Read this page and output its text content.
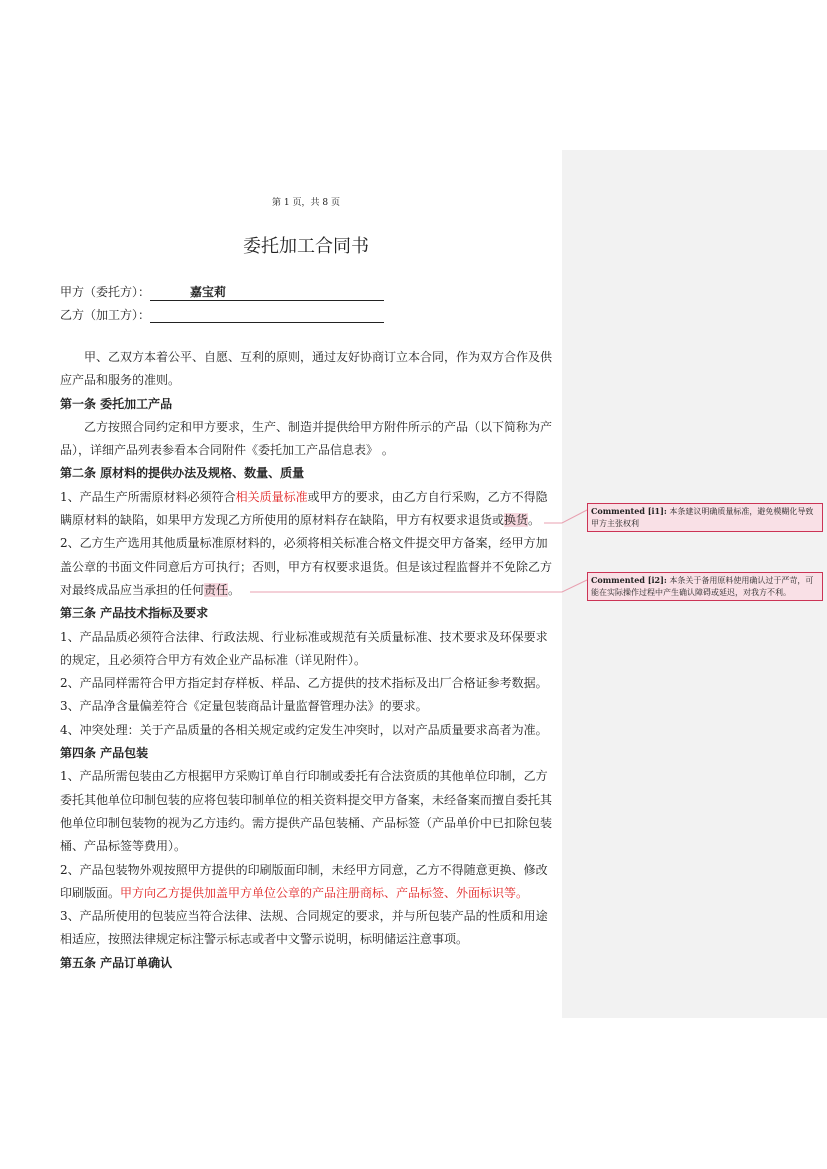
第 1 页，共 8 页
委托加工合同书
甲方（委托方）：	嘉宝莉
乙方（加工方）：

甲、乙双方本着公平、自愿、互利的原则，通过友好协商订立本合同，作为双方合作及供应产品和服务的准则。

第一条 委托加工产品

乙方按照合同约定和甲方要求，生产、制造并提供给甲方附件所示的产品（以下简称为产品），详细产品列表参看本合同附件《委托加工产品信息表》 。

第二条 原材料的提供办法及规格、数量、质量

1、产品生产所需原材料必须符合相关质量标准或甲方的要求，由乙方自行采购，乙方不得隐瞒原材料的缺陷，如果甲方发现乙方所使用的原材料存在缺陷，甲方有权要求退货或换货。

2、乙方生产选用其他质量标准原材料的，必须将相关标准合格文件提交甲方备案，经甲方加盖公章的书面文件同意后方可执行；否则，甲方有权要求退货。但是该过程监督并不免除乙方对最终成品应当承担的任何责任。

第三条 产品技术指标及要求

1、产品品质必须符合法律、行政法规、行业标准或规范有关质量标准、技术要求及环保要求的规定，且必须符合甲方有效企业产品标准（详见附件）。

2、产品同样需符合甲方指定封存样板、样品、乙方提供的技术指标及出厂合格证参考数据。

3、产品净含量偏差符合《定量包装商品计量监督管理办法》的要求。

4、冲突处理：关于产品质量的各相关规定或约定发生冲突时，以对产品质量要求高者为准。

第四条 产品包装

1、产品所需包装由乙方根据甲方采购订单自行印制或委托有合法资质的其他单位印制，乙方委托其他单位印制包装的应将包装印制单位的相关资料提交甲方备案，未经备案而擅自委托其他单位印制包装物的视为乙方违约。需方提供产品包装桶、产品标签（产品单价中已扣除包装桶、产品标签等费用）。

2、产品包装物外观按照甲方提供的印刷版面印制，未经甲方同意，乙方不得随意更换、修改印刷版面。甲方向乙方提供加盖甲方单位公章的产品注册商标、产品标签、外面标识等。

3、产品所使用的包装应当符合法律、法规、合同规定的要求，并与所包装产品的性质和用途相适应，按照法律规定标注警示标志或者中文警示说明，标明储运注意事项。

第五条 产品订单确认

Commented [i1]: 本条建议明确质量标准，避免模糊化导致甲方主张权利
Commented [i2]: 本条关于备用原料使用确认过于严苛，可能在实际操作过程中产生确认障碍或延迟，对我方不利。
